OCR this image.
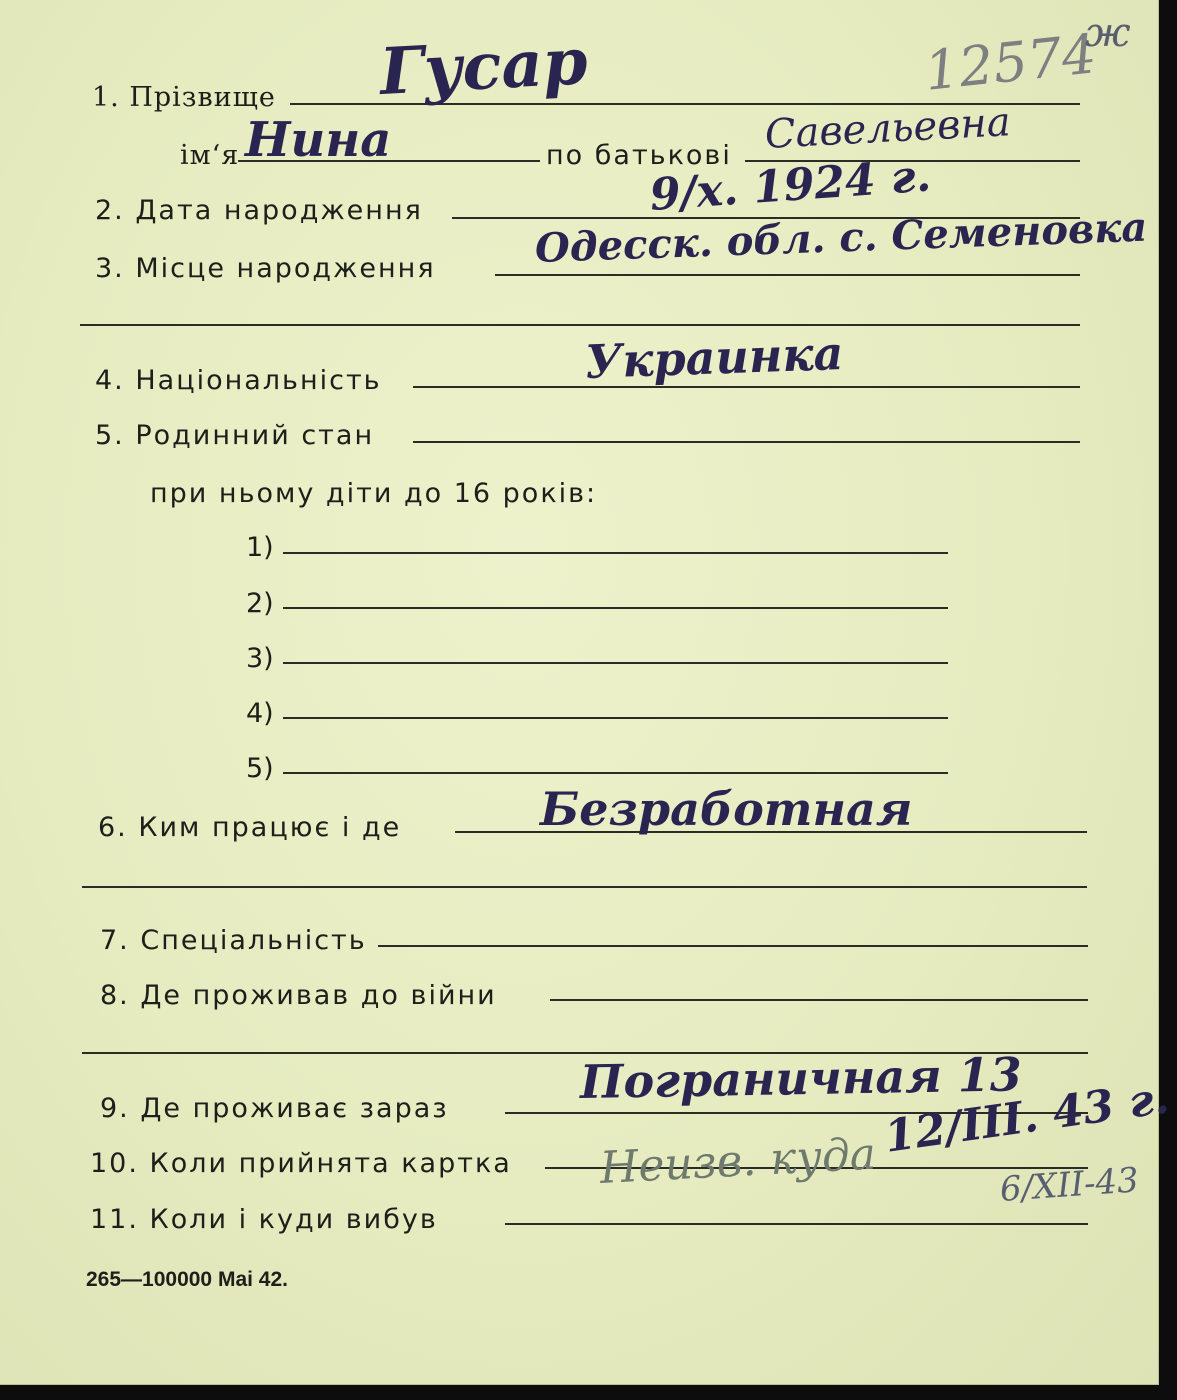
12574
ж
1. Прізвище Гусар
ім‘я Нина	по батькові Савельевна
2. Дата народження	9/x. 1924 г.
3. Місце народження Одесск. обл. с. Семеновка
4. Національність	Украинка
5. Родинний стан
при ньому діти до 16 років:
1)
2)
3)
4)
5)
6. Ким працює і де	Безработная
7. Спеціальність
8. Де проживав до війни
9. Де проживає зараз	Пограничная 13
10. Коли прийнята картка
12/III. 43 г.
11. Коли і куди вибув
Неизв. куда	6/XII-43
265—100000 Mai 42.
